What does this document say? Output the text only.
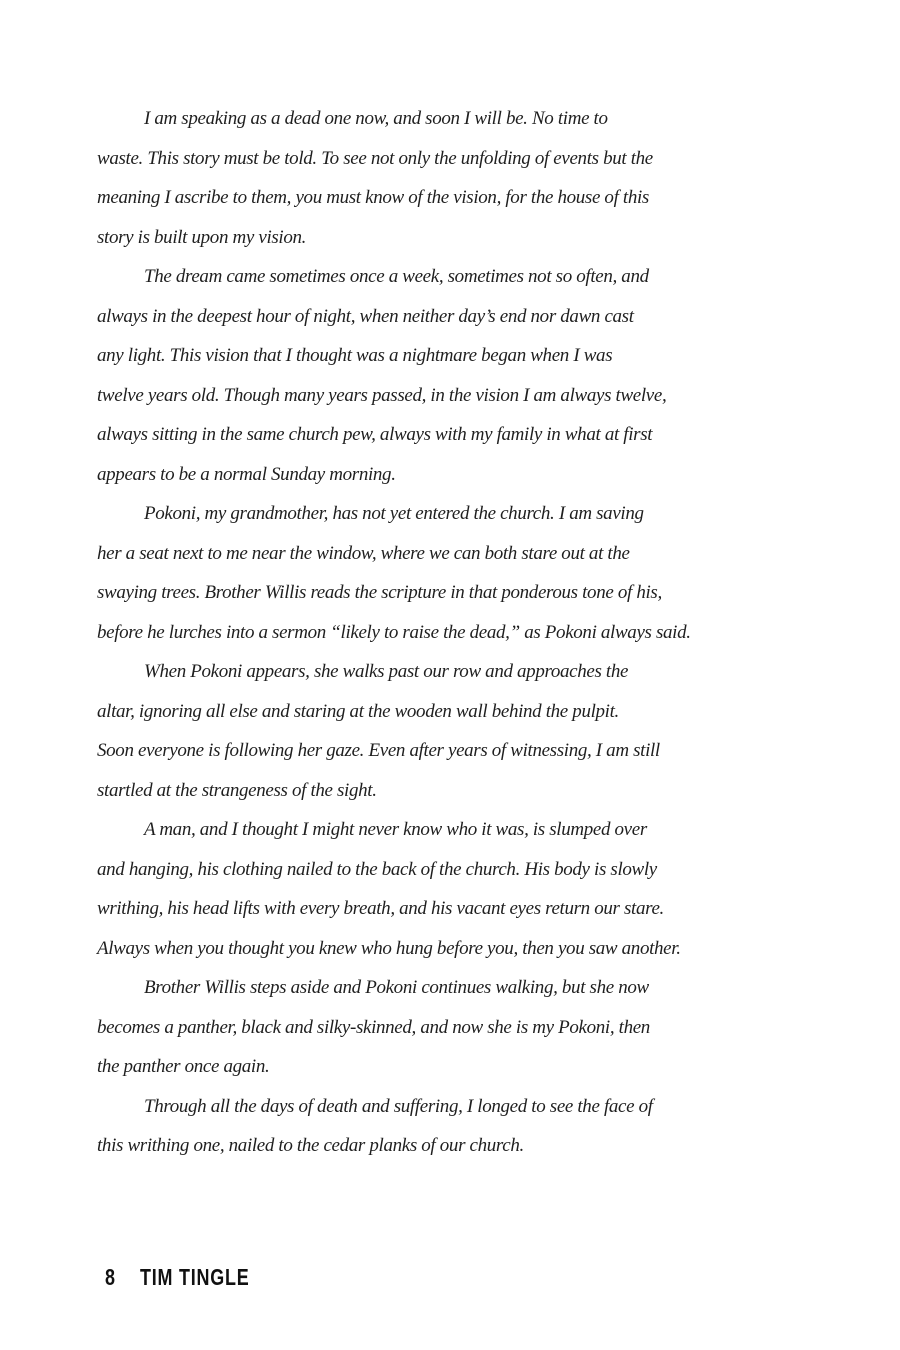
I am speaking as a dead one now, and soon I will be. No time to
waste. This story must be told. To see not only the unfolding of events but the
meaning I ascribe to them, you must know of the vision, for the house of this
story is built upon my vision.
The dream came sometimes once a week, sometimes not so often, and
always in the deepest hour of night, when neither day’s end nor dawn cast
any light. This vision that I thought was a nightmare began when I was
twelve years old. Though many years passed, in the vision I am always twelve,
always sitting in the same church pew, always with my family in what at first
appears to be a normal Sunday morning.
Pokoni, my grandmother, has not yet entered the church. I am saving
her a seat next to me near the window, where we can both stare out at the
swaying trees. Brother Willis reads the scripture in that ponderous tone of his,
before he lurches into a sermon “likely to raise the dead,” as Pokoni always said.
When Pokoni appears, she walks past our row and approaches the
altar, ignoring all else and staring at the wooden wall behind the pulpit.
Soon everyone is following her gaze. Even after years of witnessing, I am still
startled at the strangeness of the sight.
A man, and I thought I might never know who it was, is slumped over
and hanging, his clothing nailed to the back of the church. His body is slowly
writhing, his head lifts with every breath, and his vacant eyes return our stare.
Always when you thought you knew who hung before you, then you saw another.
Brother Willis steps aside and Pokoni continues walking, but she now
becomes a panther, black and silky-skinned, and now she is my Pokoni, then
the panther once again.
Through all the days of death and suffering, I longed to see the face of
this writhing one, nailed to the cedar planks of our church.
8 TIM TINGLE
